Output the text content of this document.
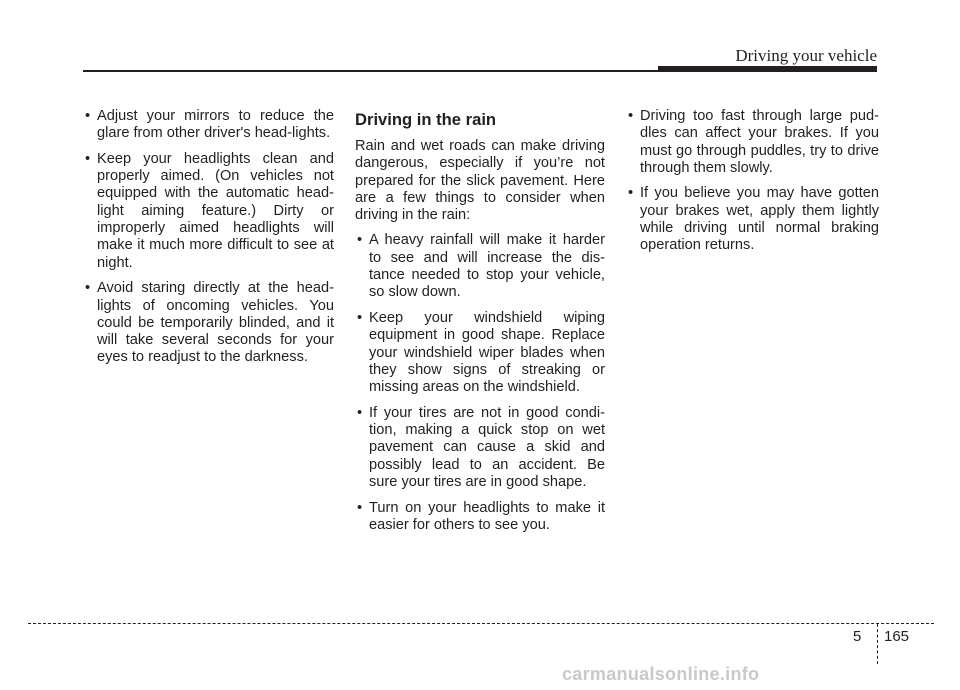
Driving your vehicle
• Adjust your mirrors to reduce the glare from other driver's head-lights.
• Keep your headlights clean and properly aimed. (On vehicles not equipped with the automatic head-light aiming feature.) Dirty or improperly aimed headlights will make it much more difficult to see at night.
• Avoid staring directly at the head-lights of oncoming vehicles. You could be temporarily blinded, and it will take several seconds for your eyes to readjust to the darkness.
Driving in the rain
Rain and wet roads can make driving dangerous, especially if you’re not prepared for the slick pavement. Here are a few things to consider when driving in the rain:
• A heavy rainfall will make it harder to see and will increase the dis-tance needed to stop your vehicle, so slow down.
• Keep your windshield wiping equipment in good shape. Replace your windshield wiper blades when they show signs of streaking or missing areas on the windshield.
• If your tires are not in good condi-tion, making a quick stop on wet pavement can cause a skid and possibly lead to an accident. Be sure your tires are in good shape.
• Turn on your headlights to make it easier for others to see you.
• Driving too fast through large pud-dles can affect your brakes. If you must go through puddles, try to drive through them slowly.
• If you believe you may have gotten your brakes wet, apply them lightly while driving until normal braking operation returns.
5 165
carmanualsonline.info
